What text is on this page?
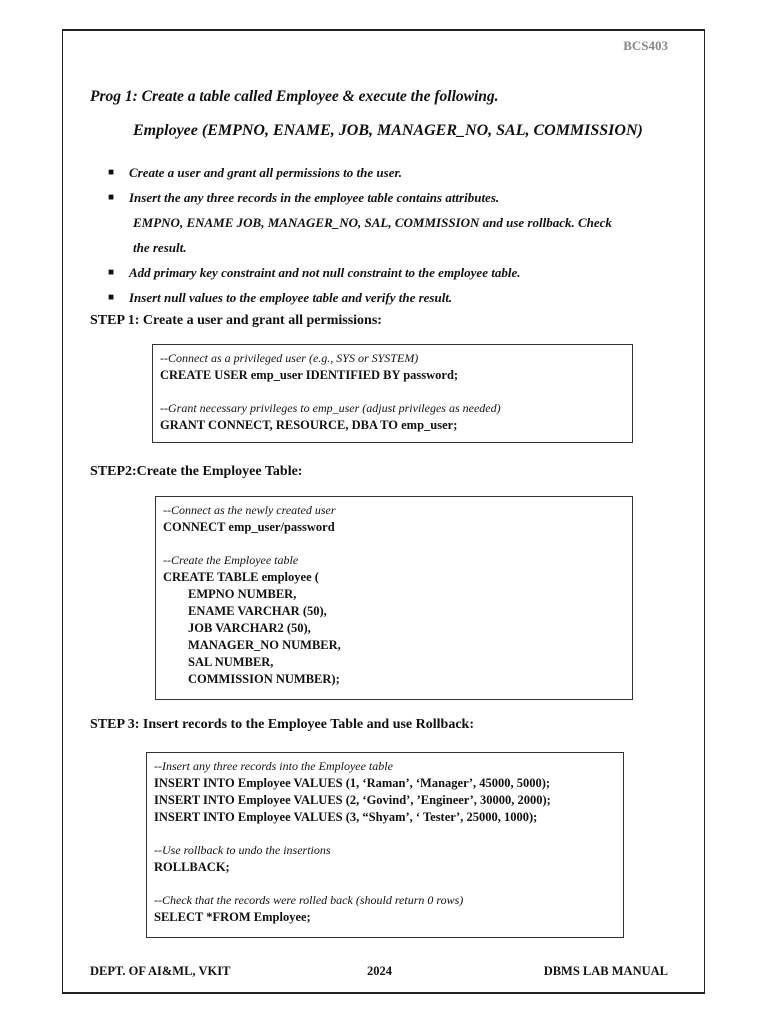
BCS403
Prog 1: Create a table called Employee & execute the following.
Employee (EMPNO, ENAME, JOB, MANAGER_NO, SAL, COMMISSION)
■ Create a user and grant all permissions to the user.
■ Insert the any three records in the employee table contains attributes.
EMPNO, ENAME JOB, MANAGER_NO, SAL, COMMISSION and use rollback. Check
the result.
■ Add primary key constraint and not null constraint to the employee table.
■ Insert null values to the employee table and verify the result.
STEP 1: Create a user and grant all permissions:
--Connect as a privileged user (e.g., SYS or SYSTEM)
CREATE USER emp_user IDENTIFIED BY password;
--Grant necessary privileges to emp_user (adjust privileges as needed)
GRANT CONNECT, RESOURCE, DBA TO emp_user;
STEP2:Create the Employee Table:
--Connect as the newly created user
CONNECT emp_user/password
--Create the Employee table
CREATE TABLE employee (
EMPNO NUMBER,
ENAME VARCHAR (50),
JOB VARCHAR2 (50),
MANAGER_NO NUMBER,
SAL NUMBER,
COMMISSION NUMBER);
STEP 3: Insert records to the Employee Table and use Rollback:
--Insert any three records into the Employee table
INSERT INTO Employee VALUES (1, ‘Raman’, ‘Manager’, 45000, 5000);
INSERT INTO Employee VALUES (2, ‘Govind’, ’Engineer’, 30000, 2000);
INSERT INTO Employee VALUES (3, “Shyam’, ‘ Tester’, 25000, 1000);
--Use rollback to undo the insertions
ROLLBACK;
--Check that the records were rolled back (should return 0 rows)
SELECT *FROM Employee;
DEPT. OF AI&ML, VKIT	2024	DBMS LAB MANUAL
